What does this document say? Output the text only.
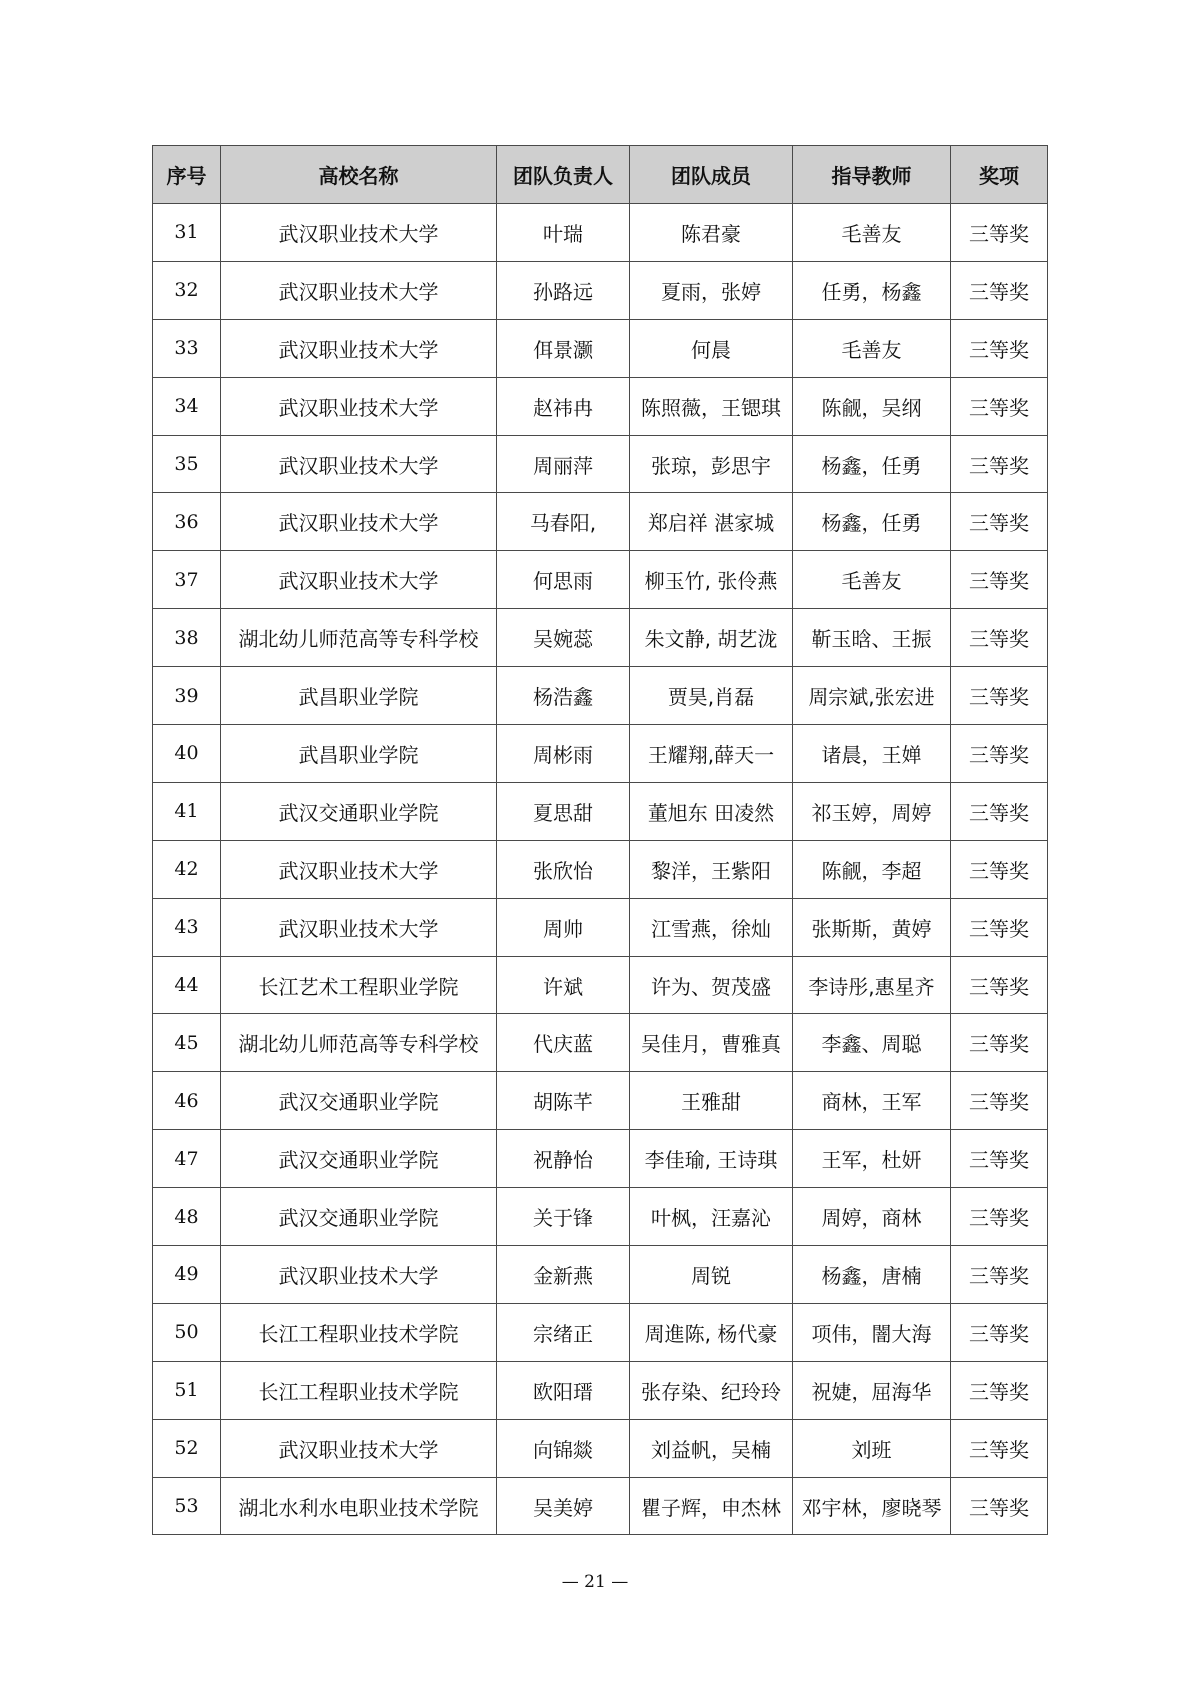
序号	高校名称	团队负责人	团队成员	指导教师	奖项
31	武汉职业技术大学	叶瑞	陈君豪	毛善友	三等奖
32	武汉职业技术大学	孙路远	夏雨，张婷	任勇，杨鑫	三等奖
33	武汉职业技术大学	佴景灏	何晨	毛善友	三等奖
34	武汉职业技术大学	赵祎冉	陈照薇，王锶琪	陈觎，吴纲	三等奖
35	武汉职业技术大学	周丽萍	张琼，彭思宇	杨鑫，任勇	三等奖
36	武汉职业技术大学	马春阳,	郑启祥 湛家城	杨鑫，任勇	三等奖
37	武汉职业技术大学	何思雨	柳玉竹, 张伶燕	毛善友	三等奖
38	湖北幼儿师范高等专科学校	吴婉蕊	朱文静, 胡艺泷	靳玉晗、王振	三等奖
39	武昌职业学院	杨浩鑫	贾昊,肖磊	周宗斌,张宏进	三等奖
40	武昌职业学院	周彬雨	王耀翔,薛天一	诸晨，王婵	三等奖
41	武汉交通职业学院	夏思甜	董旭东 田凌然	祁玉婷，周婷	三等奖
42	武汉职业技术大学	张欣怡	黎洋，王紫阳	陈觎，李超	三等奖
43	武汉职业技术大学	周帅	江雪燕，徐灿	张斯斯，黄婷	三等奖
44	长江艺术工程职业学院	许斌	许为、贺茂盛	李诗彤,惠星齐	三等奖
45	湖北幼儿师范高等专科学校	代庆蓝	吴佳月，曹雅真	李鑫、周聪	三等奖
46	武汉交通职业学院	胡陈芊	王雅甜	商林，王军	三等奖
47	武汉交通职业学院	祝静怡	李佳瑜, 王诗琪	王军，杜妍	三等奖
48	武汉交通职业学院	关于锋	叶枫，汪嘉沁	周婷，商林	三等奖
49	武汉职业技术大学	金新燕	周锐	杨鑫，唐楠	三等奖
50	长江工程职业技术学院	宗绪正	周進陈, 杨代豪	项伟，闇大海	三等奖
51	长江工程职业技术学院	欧阳瑨	张存染、纪玲玲	祝婕，屈海华	三等奖
52	武汉职业技术大学	向锦燚	刘益帆，吴楠	刘班	三等奖
53	湖北水利水电职业技术学院	吴美婷	瞿子辉，申杰林	邓宇林，廖晓琴	三等奖
— 21 —
